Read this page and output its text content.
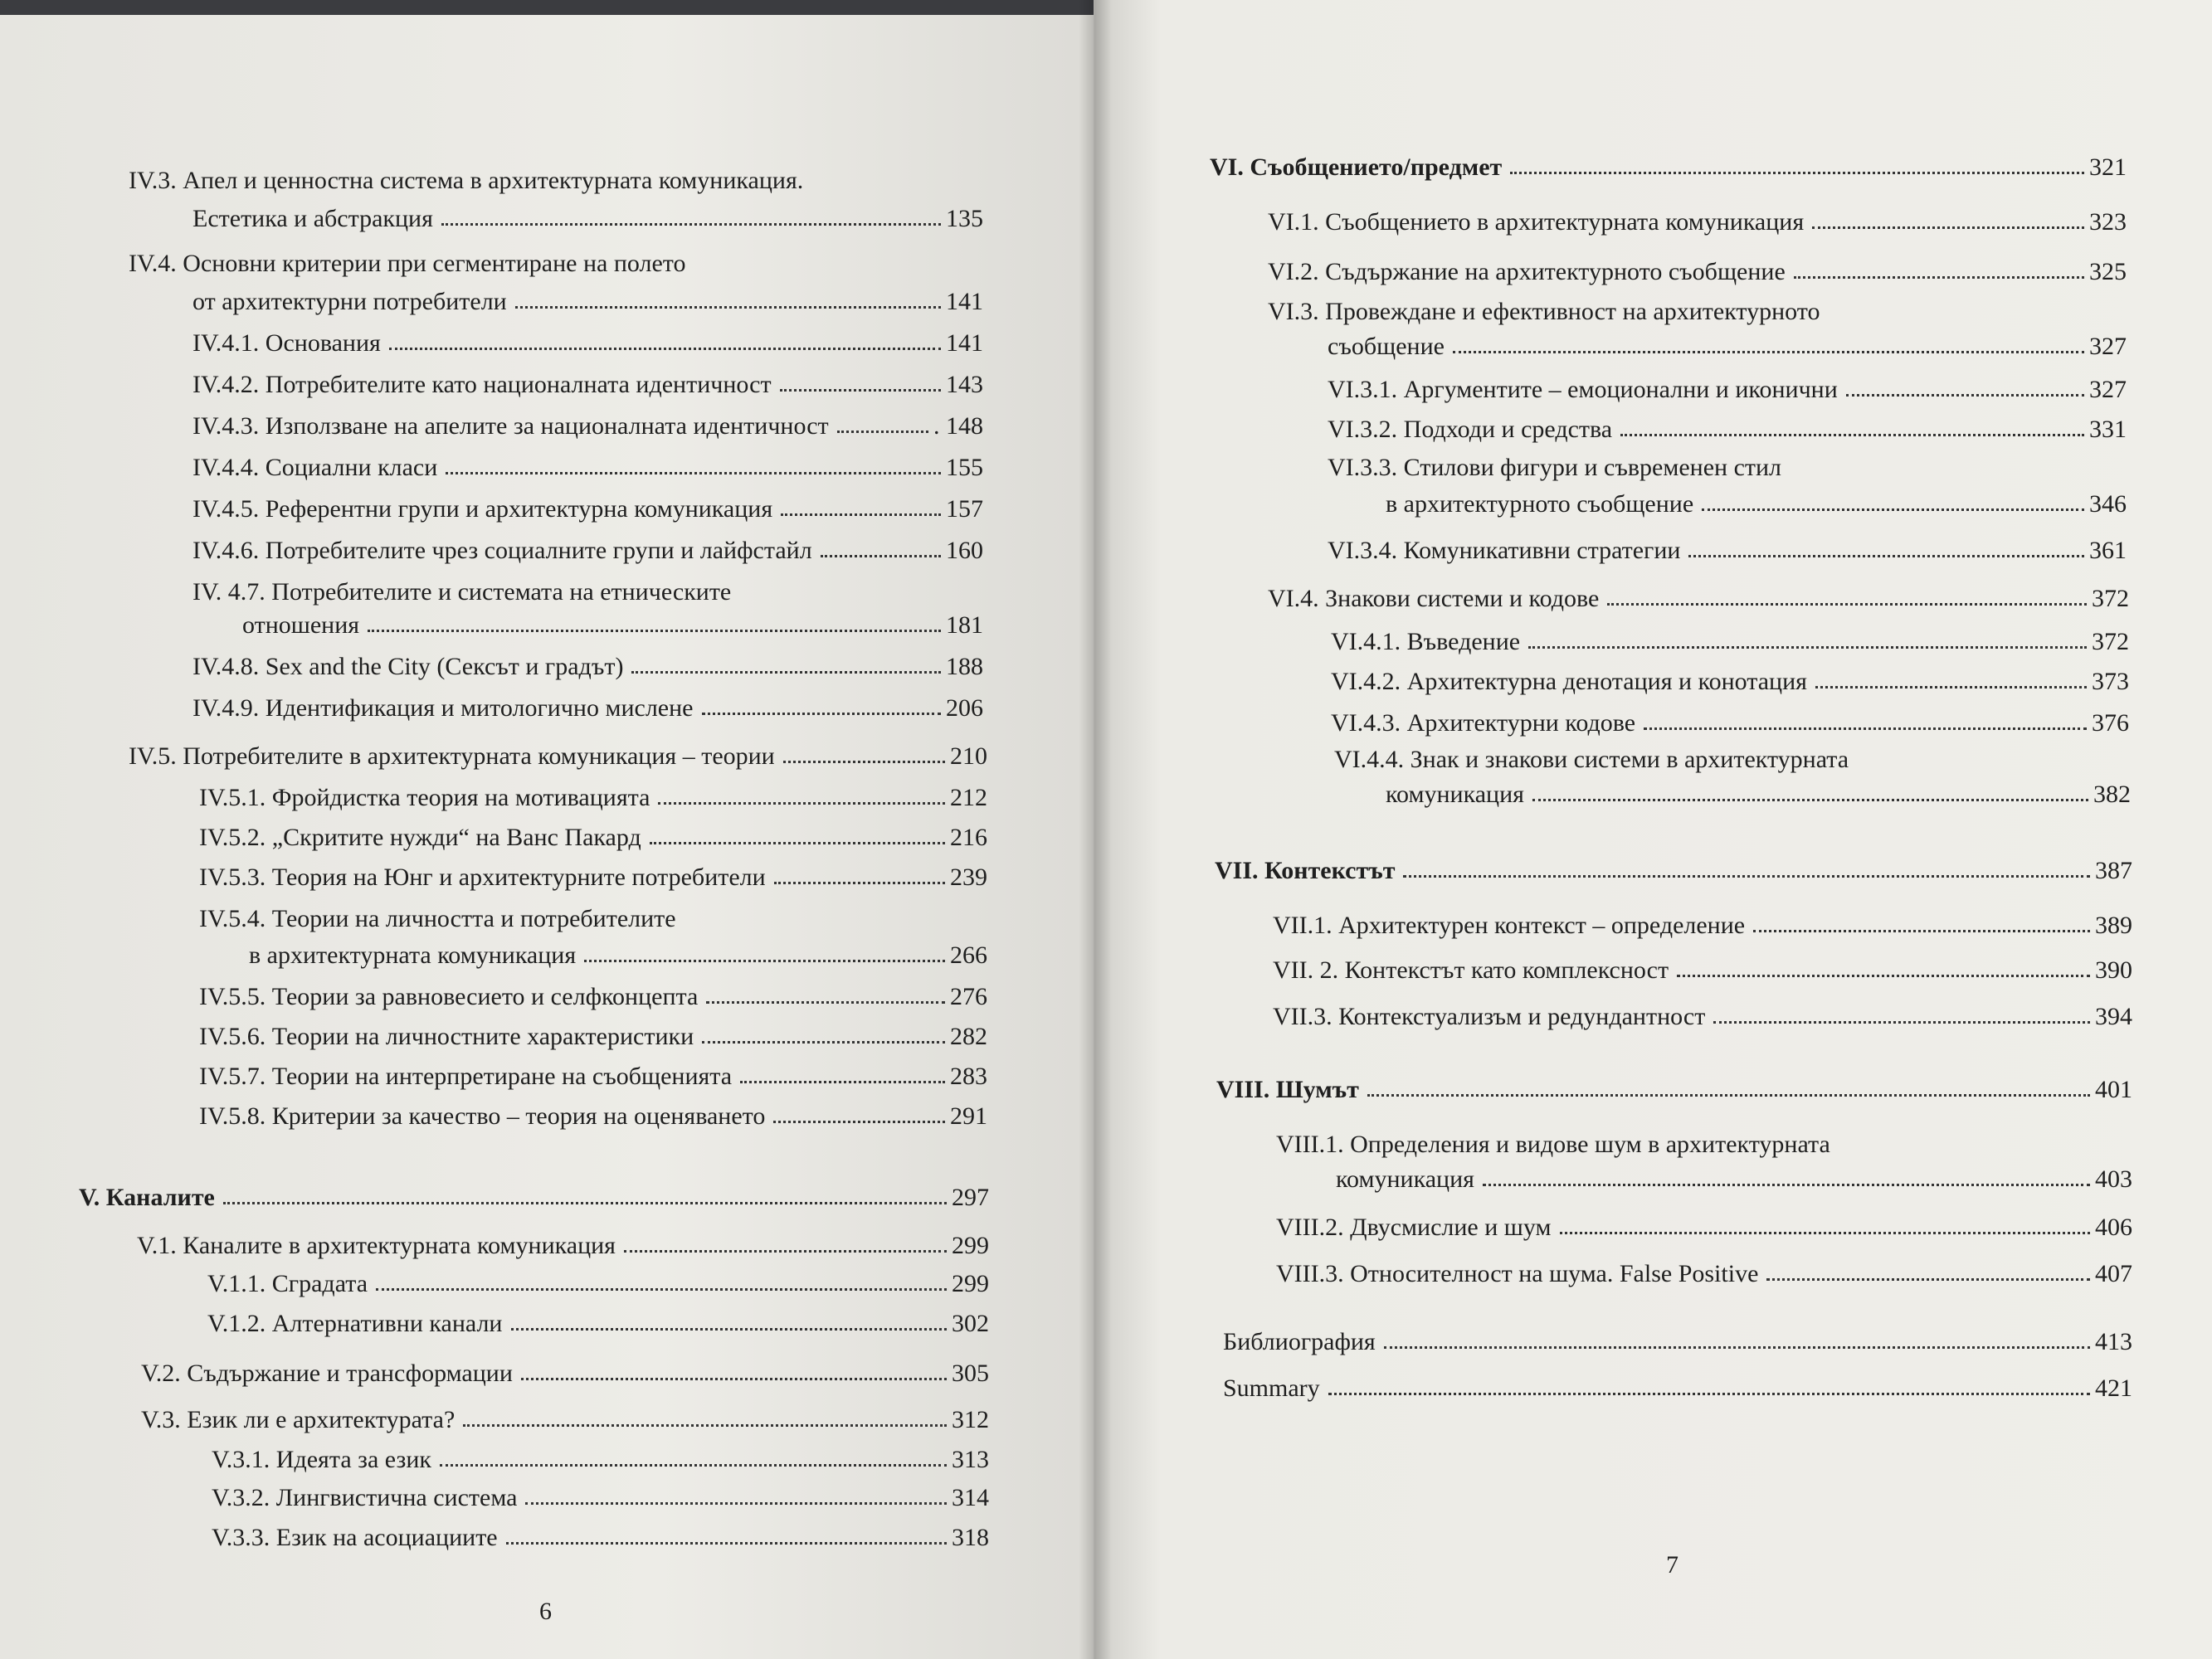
IV.3. Апел и ценностна система в архитектурната комуникация.
Естетика и абстракция	135
IV.4. Основни критерии при сегментиране на полето
от архитектурни потребители	141
IV.4.1. Основания	141
IV.4.2. Потребителите като националната идентичност	143
IV.4.3. Използване на апелите за националната идентичност	. 148
IV.4.4. Социални класи	155
IV.4.5. Референтни групи и архитектурна комуникация	157
IV.4.6. Потребителите чрез социалните групи и лайфстайл	160
IV. 4.7. Потребителите и системата на етническите
отношения	181
IV.4.8. Sex and the City (Сексът и градът)	188
IV.4.9. Идентификация и митологично мислене	206
IV.5. Потребителите в архитектурната комуникация – теории	210
IV.5.1. Фройдистка теория на мотивацията	212
IV.5.2. „Скритите нужди“ на Ванс Пакард	216
IV.5.3. Теория на Юнг и архитектурните потребители	239
IV.5.4. Теории на личността и потребителите
в архитектурната комуникация	266
IV.5.5. Теории за равновесието и селфконцепта	276
IV.5.6. Теории на личностните характеристики	282
IV.5.7. Теории на интерпретиране на съобщенията	283
IV.5.8. Критерии за качество – теория на оценяването	291
V. Каналите	297
V.1. Каналите в архитектурната комуникация	299
V.1.1. Сградата	299
V.1.2. Алтернативни канали	302
V.2. Съдържание и трансформации	305
V.3. Език ли е архитектурата?	312
V.3.1. Идеята за език	313
V.3.2. Лингвистична система	314
V.3.3. Език на асоциациите	318
6
VI. Съобщението/предмет	321
VI.1. Съобщението в архитектурната комуникация	323
VI.2. Съдържание на архитектурното съобщение	325
VI.3. Провеждане и ефективност на архитектурното
съобщение	327
VI.3.1. Аргументите – емоционални и иконични	327
VI.3.2. Подходи и средства	331
VI.3.3. Стилови фигури и съвременен стил
в архитектурното съобщение	346
VI.3.4. Комуникативни стратегии	361
VI.4. Знакови системи и кодове	372
VI.4.1. Въведение	372
VI.4.2. Архитектурна денотация и конотация	373
VI.4.3. Архитектурни кодове	376
VI.4.4. Знак и знакови системи в архитектурната
комуникация	382
VII. Контекстът	387
VII.1. Архитектурен контекст – определение	389
VII. 2. Контекстът като комплексност	390
VII.3. Контекстуализъм и редундантност	394
VIII. Шумът	401
VIII.1. Определения и видове шум в архитектурната
комуникация	403
VIII.2. Двусмислие и шум	406
VIII.3. Относителност на шума. False Positive	407
Библиография	413
Summary	421
7
